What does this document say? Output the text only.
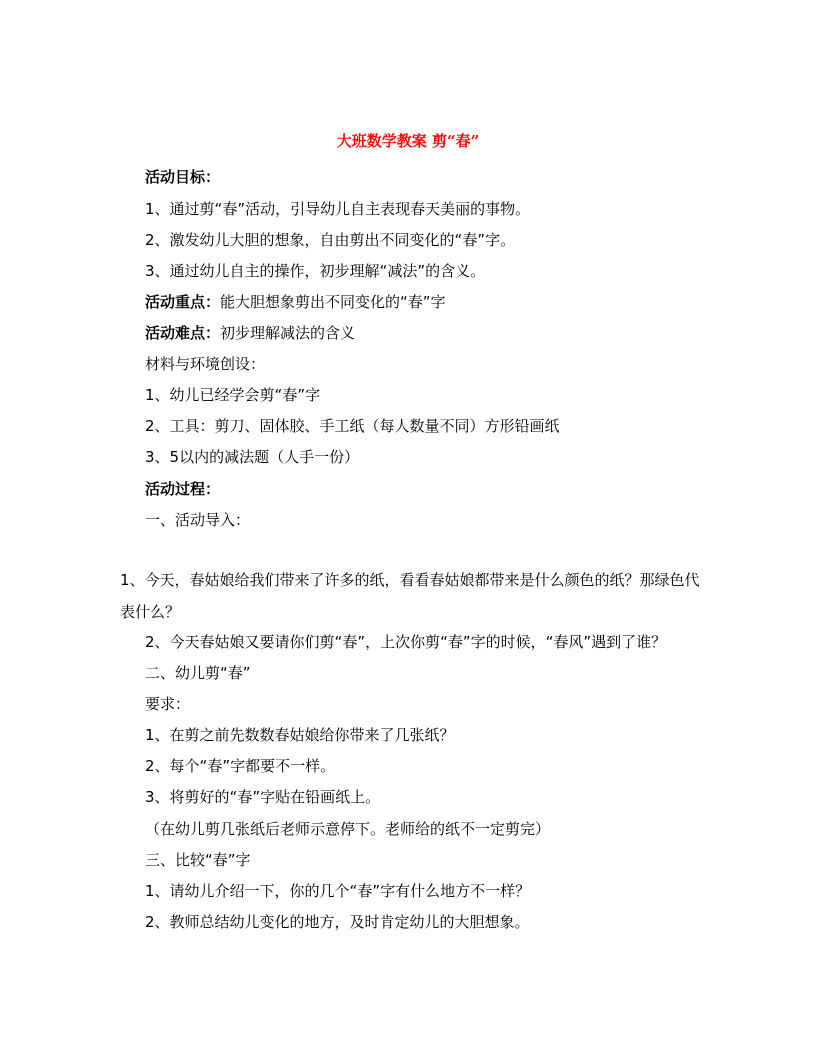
大班数学教案 剪“春”
活动目标：
1、通过剪“春”活动，引导幼儿自主表现春天美丽的事物。
2、激发幼儿大胆的想象，自由剪出不同变化的“春”字。
3、通过幼儿自主的操作，初步理解“减法”的含义。
活动重点：能大胆想象剪出不同变化的“春”字
活动难点：初步理解减法的含义
材料与环境创设：
1、幼儿已经学会剪“春”字
2、工具：剪刀、固体胶、手工纸（每人数量不同）方形铅画纸
3、5以内的减法题（人手一份）
活动过程：
一、活动导入：
1、今天，春姑娘给我们带来了许多的纸，看看春姑娘都带来是什么颜色的纸？那绿色代表什么？
2、今天春姑娘又要请你们剪“春”，上次你剪“春”字的时候，“春风”遇到了谁？
二、幼儿剪“春”
要求：
1、在剪之前先数数春姑娘给你带来了几张纸？
2、每个“春”字都要不一样。
3、将剪好的“春”字贴在铅画纸上。
（在幼儿剪几张纸后老师示意停下。老师给的纸不一定剪完）
三、比较“春”字
1、请幼儿介绍一下，你的几个“春”字有什么地方不一样？
2、教师总结幼儿变化的地方，及时肯定幼儿的大胆想象。
